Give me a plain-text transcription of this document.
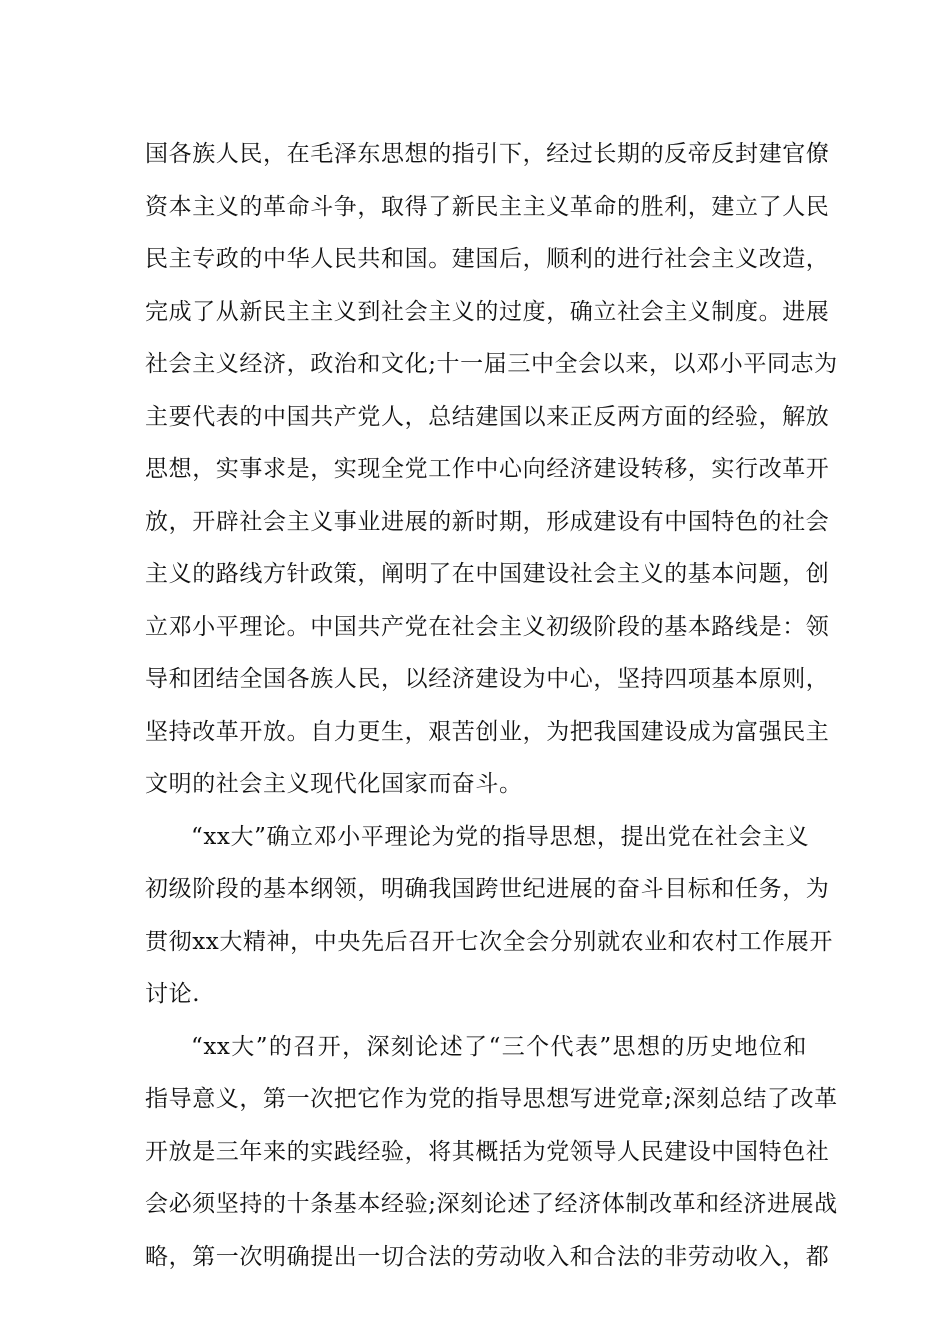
国各族人民，在毛泽东思想的指引下，经过长期的反帝反封建官僚
资本主义的革命斗争，取得了新民主主义革命的胜利，建立了人民
民主专政的中华人民共和国。建国后，顺利的进行社会主义改造，
完成了从新民主主义到社会主义的过度，确立社会主义制度。进展
社会主义经济，政治和文化;十一届三中全会以来，以邓小平同志为
主要代表的中国共产党人，总结建国以来正反两方面的经验，解放
思想，实事求是，实现全党工作中心向经济建设转移，实行改革开
放，开辟社会主义事业进展的新时期，形成建设有中国特色的社会
主义的路线方针政策，阐明了在中国建设社会主义的基本问题，创
立邓小平理论。中国共产党在社会主义初级阶段的基本路线是：领
导和团结全国各族人民，以经济建设为中心，坚持四项基本原则，
坚持改革开放。自力更生，艰苦创业，为把我国建设成为富强民主
文明的社会主义现代化国家而奋斗。
“xx大”确立邓小平理论为党的指导思想，提出党在社会主义
初级阶段的基本纲领，明确我国跨世纪进展的奋斗目标和任务，为
贯彻xx大精神，中央先后召开七次全会分别就农业和农村工作展开
讨论.
“xx大”的召开，深刻论述了“三个代表”思想的历史地位和
指导意义，第一次把它作为党的指导思想写进党章;深刻总结了改革
开放是三年来的实践经验，将其概括为党领导人民建设中国特色社
会必须坚持的十条基本经验;深刻论述了经济体制改革和经济进展战
略，第一次明确提出一切合法的劳动收入和合法的非劳动收入，都
